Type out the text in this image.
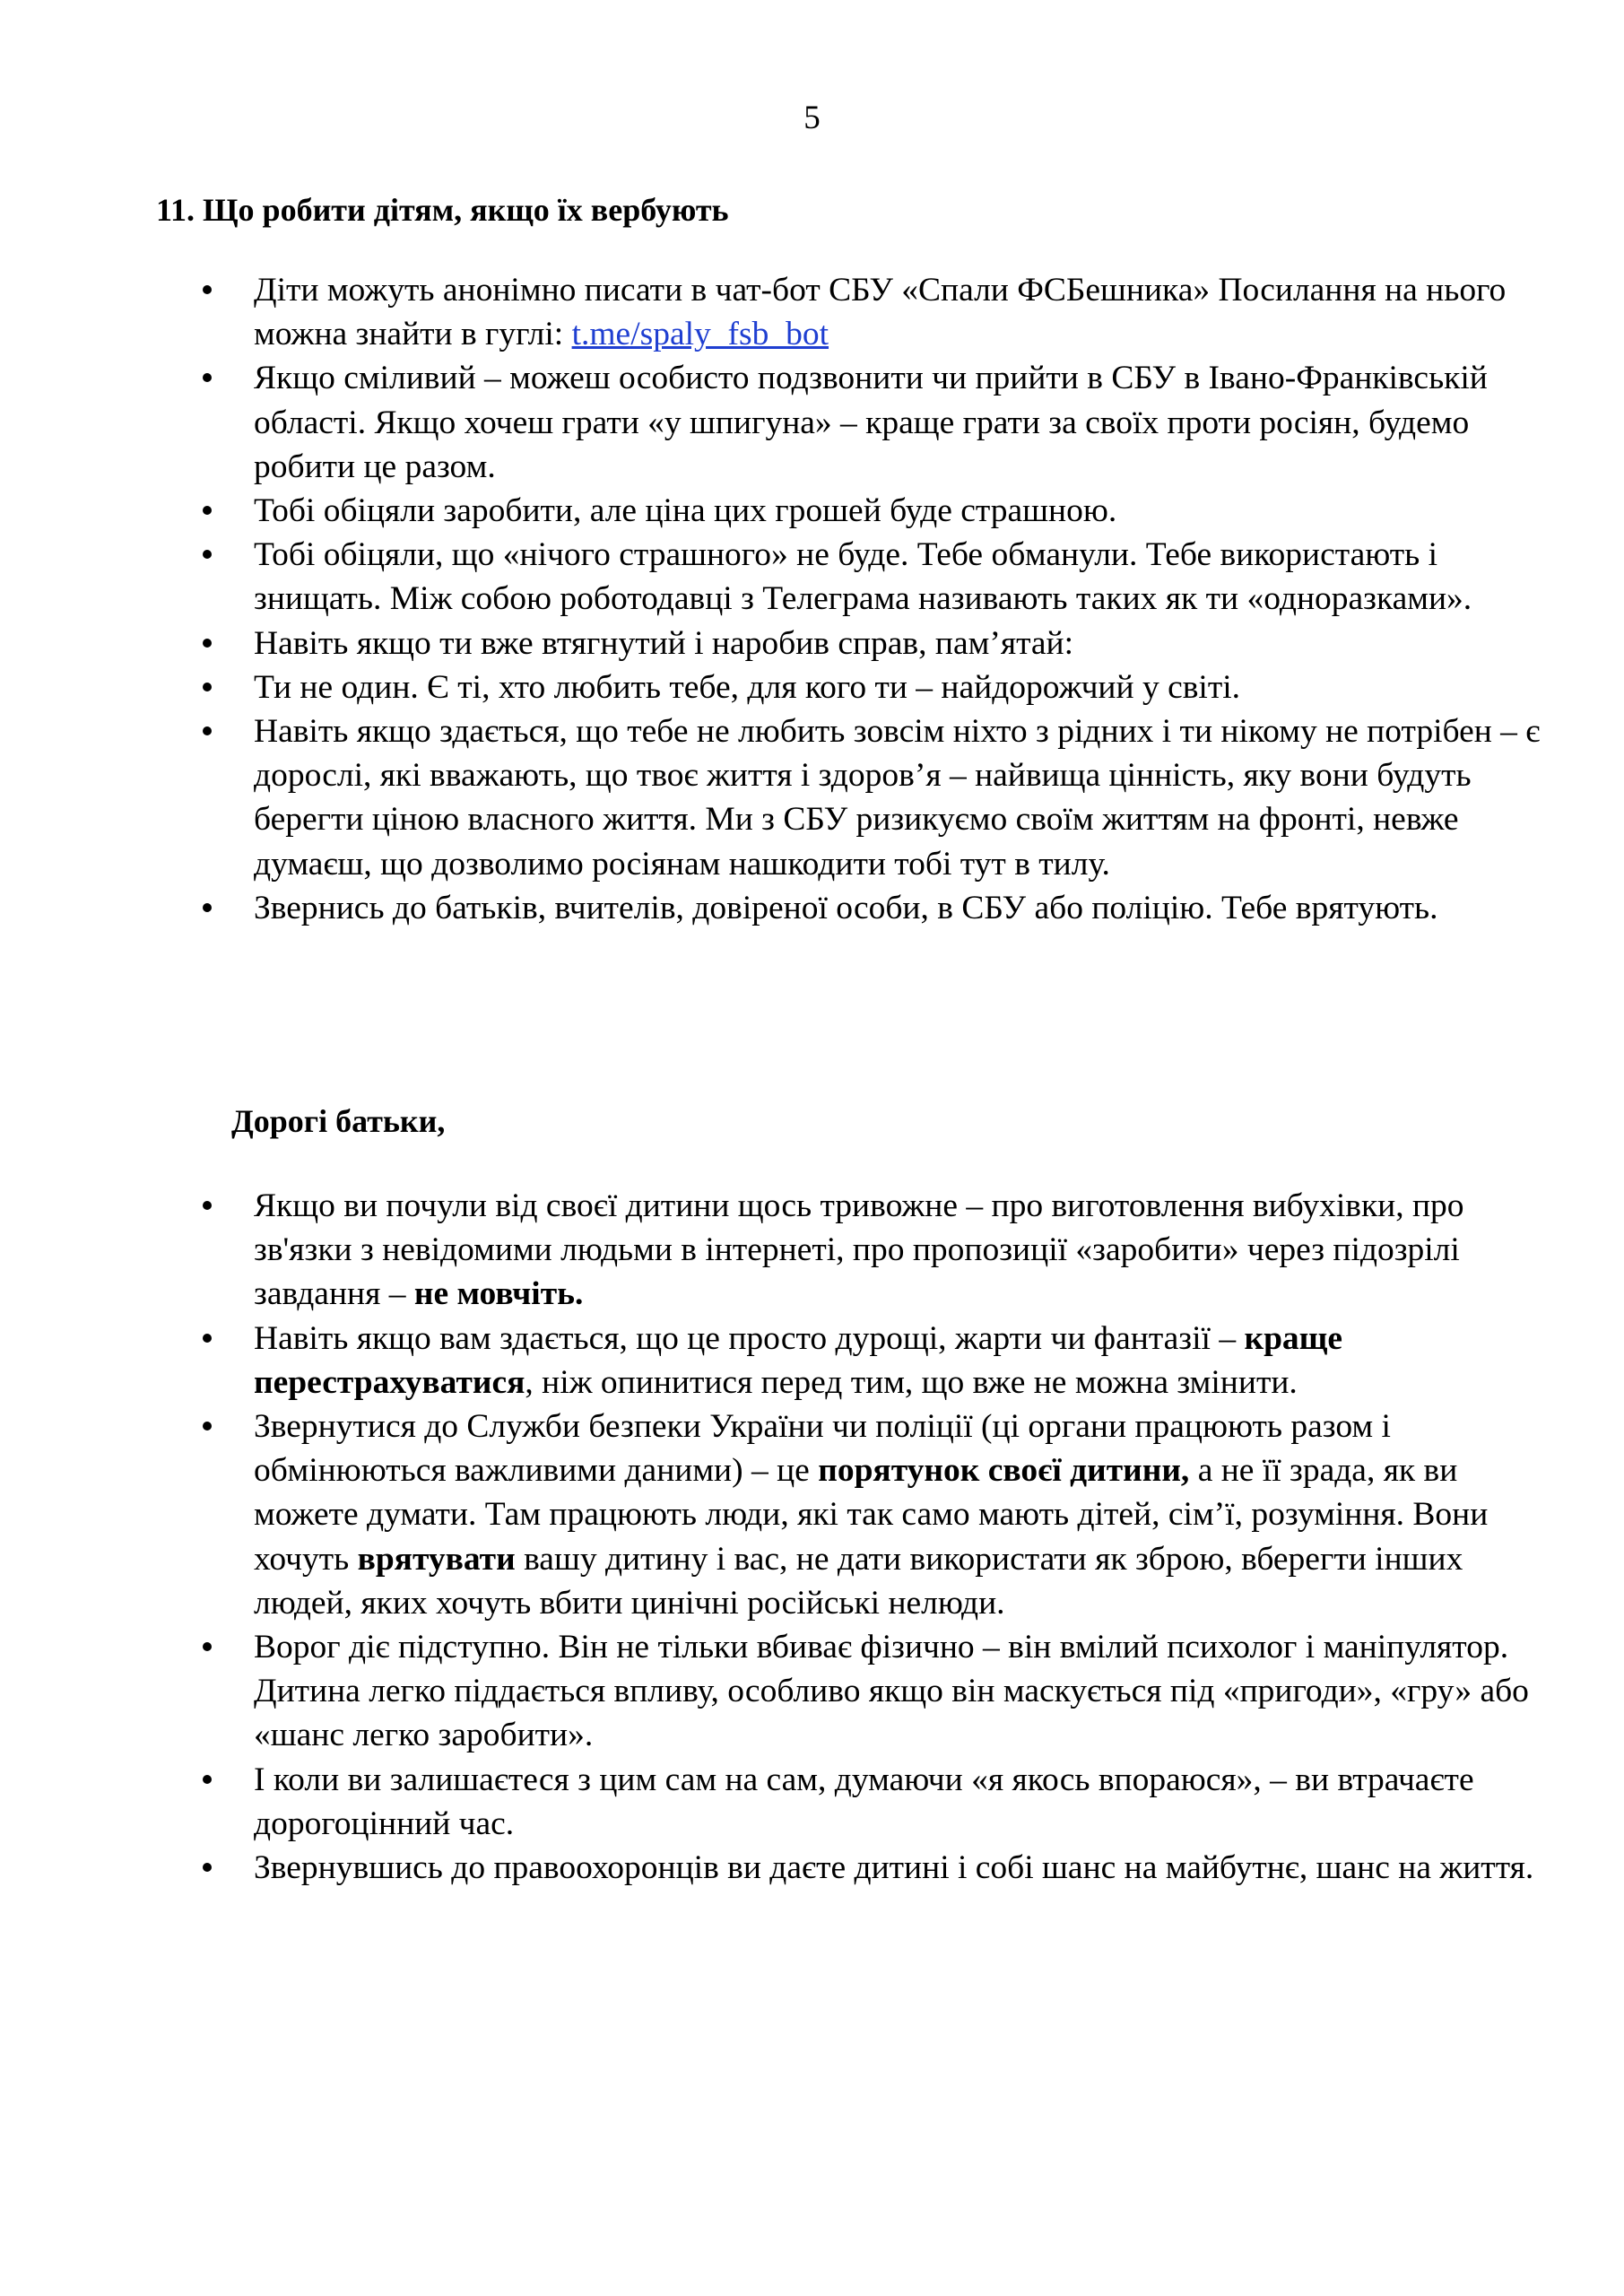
5
11. Що робити дітям, якщо їх вербують
Діти можуть анонімно писати в чат-бот СБУ «Спали ФСБешника» Посилання на нього можна знайти в гуглі: t.me/spaly_fsb_bot
Якщо сміливий – можеш особисто подзвонити чи прийти в СБУ в Івано-Франківській області. Якщо хочеш грати «у шпигуна» – краще грати за своїх проти росіян, будемо робити це разом.
Тобі обіцяли заробити, але ціна цих грошей буде страшною.
Тобі обіцяли, що «нічого страшного» не буде. Тебе обманули. Тебе використають і знищать. Між собою роботодавці з Телеграма називають таких як ти «одноразками».
Навіть якщо ти вже втягнутий і наробив справ, пам’ятай:
Ти не один. Є ті, хто любить тебе, для кого ти – найдорожчий у світі.
Навіть якщо здається, що тебе не любить зовсім ніхто з рідних і ти нікому не потрібен – є дорослі, які вважають, що твоє життя і здоров’я – найвища цінність, яку вони будуть берегти ціною власного життя. Ми з СБУ ризикуємо своїм життям на фронті, невже думаєш, що дозволимо росіянам нашкодити тобі тут в тилу.
Звернись до батьків, вчителів, довіреної особи, в СБУ або поліцію. Тебе врятують.
Дорогі батьки,
Якщо ви почули від своєї дитини щось тривожне – про виготовлення вибухівки, про зв'язки з невідомими людьми в інтернеті, про пропозиції «заробити» через підозрілі завдання – не мовчіть.
Навіть якщо вам здається, що це просто дурощі, жарти чи фантазії – краще перестрахуватися, ніж опинитися перед тим, що вже не можна змінити.
Звернутися до Служби безпеки України чи поліції (ці органи працюють разом і обмінюються важливими даними) – це порятунок своєї дитини, а не її зрада, як ви можете думати. Там працюють люди, які так само мають дітей, сім’ї, розуміння. Вони хочуть врятувати вашу дитину і вас, не дати використати як зброю, вберегти інших людей, яких хочуть вбити цинічні російські нелюди.
Ворог діє підступно. Він не тільки вбиває фізично – він вмілий психолог і маніпулятор. Дитина легко піддається впливу, особливо якщо він маскується під «пригоди», «гру» або «шанс легко заробити».
І коли ви залишаєтеся з цим сам на сам, думаючи «я якось впораюся», – ви втрачаєте дорогоцінний час.
Звернувшись до правоохоронців ви даєте дитині і собі шанс на майбутнє, шанс на життя.
